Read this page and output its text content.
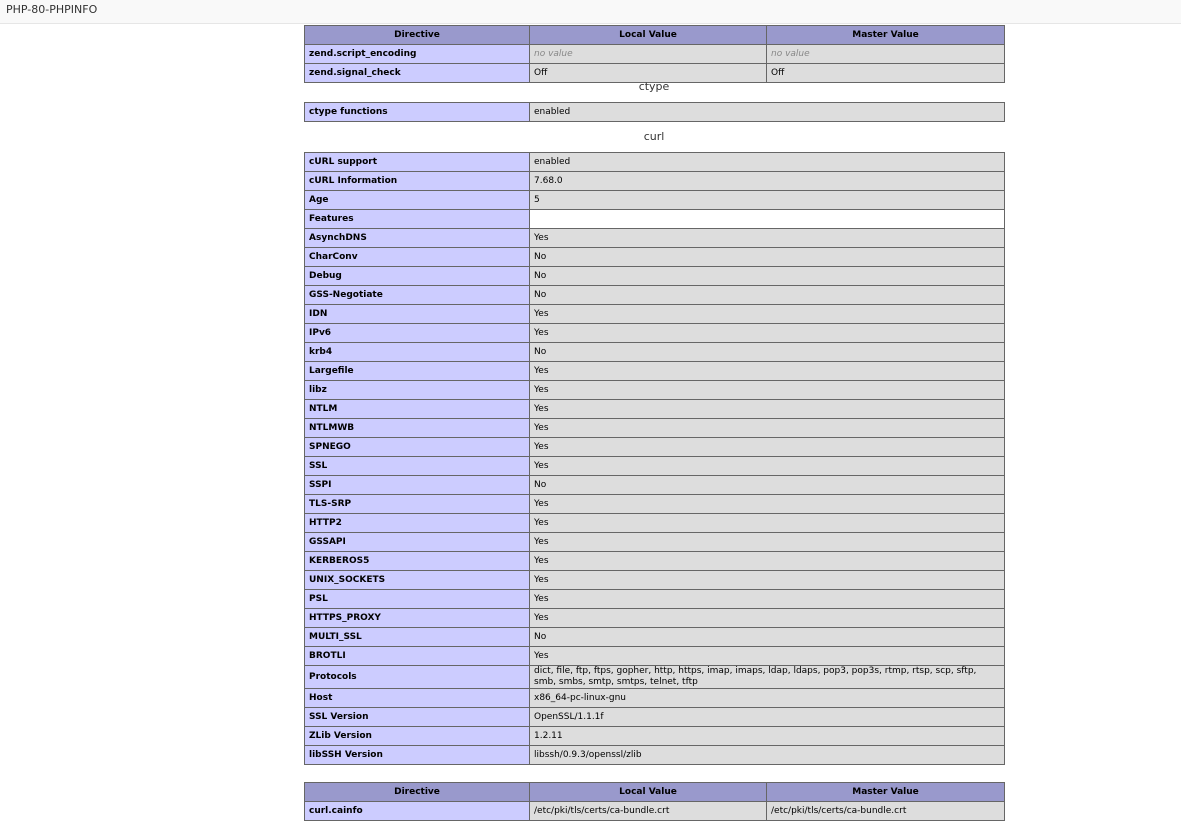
PHP-80-PHPINFO
Directive	Local Value	Master Value
zend.script_encoding	no value	no value
zend.signal_check	Off	Off
ctype
ctype functions	enabled
curl
cURL support	enabled
cURL Information	7.68.0
Age	5
Features	
AsynchDNS	Yes
CharConv	No
Debug	No
GSS-Negotiate	No
IDN	Yes
IPv6	Yes
krb4	No
Largefile	Yes
libz	Yes
NTLM	Yes
NTLMWB	Yes
SPNEGO	Yes
SSL	Yes
SSPI	No
TLS-SRP	Yes
HTTP2	Yes
GSSAPI	Yes
KERBEROS5	Yes
UNIX_SOCKETS	Yes
PSL	Yes
HTTPS_PROXY	Yes
MULTI_SSL	No
BROTLI	Yes
Protocols	dict, file, ftp, ftps, gopher, http, https, imap, imaps, ldap, ldaps, pop3, pop3s, rtmp, rtsp, scp, sftp, smb, smbs, smtp, smtps, telnet, tftp
Host	x86_64-pc-linux-gnu
SSL Version	OpenSSL/1.1.1f
ZLib Version	1.2.11
libSSH Version	libssh/0.9.3/openssl/zlib
Directive	Local Value	Master Value
curl.cainfo	/etc/pki/tls/certs/ca-bundle.crt	/etc/pki/tls/certs/ca-bundle.crt
